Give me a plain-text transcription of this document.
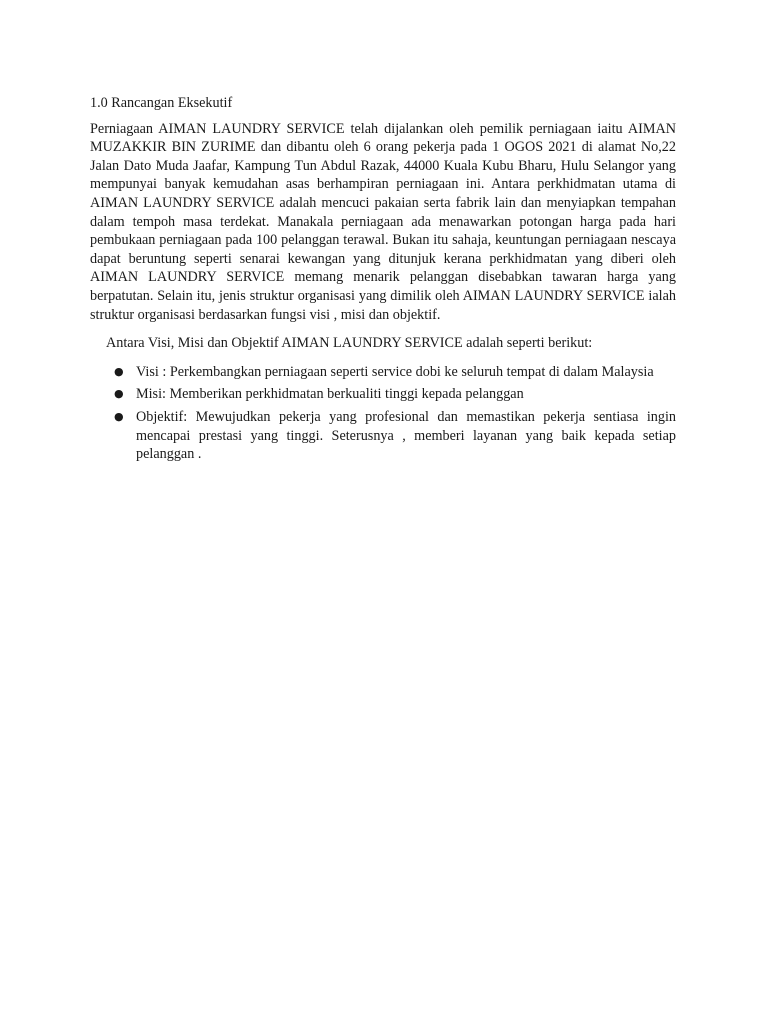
1.0 Rancangan Eksekutif

Perniagaan AIMAN LAUNDRY SERVICE telah dijalankan oleh pemilik perniagaan iaitu AIMAN MUZAKKIR BIN ZURIME dan dibantu oleh 6 orang pekerja pada 1 OGOS 2021 di alamat No,22 Jalan Dato Muda Jaafar, Kampung Tun Abdul Razak, 44000 Kuala Kubu Bharu, Hulu Selangor yang mempunyai banyak kemudahan asas berhampiran perniagaan ini. Antara perkhidmatan utama di AIMAN LAUNDRY SERVICE adalah mencuci pakaian serta fabrik lain dan menyiapkan tempahan dalam tempoh masa terdekat. Manakala perniagaan ada menawarkan potongan harga pada hari pembukaan perniagaan pada 100 pelanggan terawal. Bukan itu sahaja, keuntungan perniagaan nescaya dapat beruntung seperti senarai kewangan yang ditunjuk kerana perkhidmatan yang diberi oleh AIMAN LAUNDRY SERVICE memang menarik pelanggan disebabkan tawaran harga yang berpatutan. Selain itu, jenis struktur organisasi yang dimilik oleh AIMAN LAUNDRY SERVICE ialah struktur organisasi berdasarkan fungsi visi , misi dan objektif.

Antara Visi, Misi dan Objektif AIMAN LAUNDRY SERVICE adalah seperti berikut:

● Visi : Perkembangkan perniagaan seperti service dobi ke seluruh tempat di dalam Malaysia
● Misi: Memberikan perkhidmatan berkualiti tinggi kepada pelanggan
● Objektif: Mewujudkan pekerja yang profesional dan memastikan pekerja sentiasa ingin mencapai prestasi yang tinggi. Seterusnya , memberi layanan yang baik kepada setiap pelanggan .
